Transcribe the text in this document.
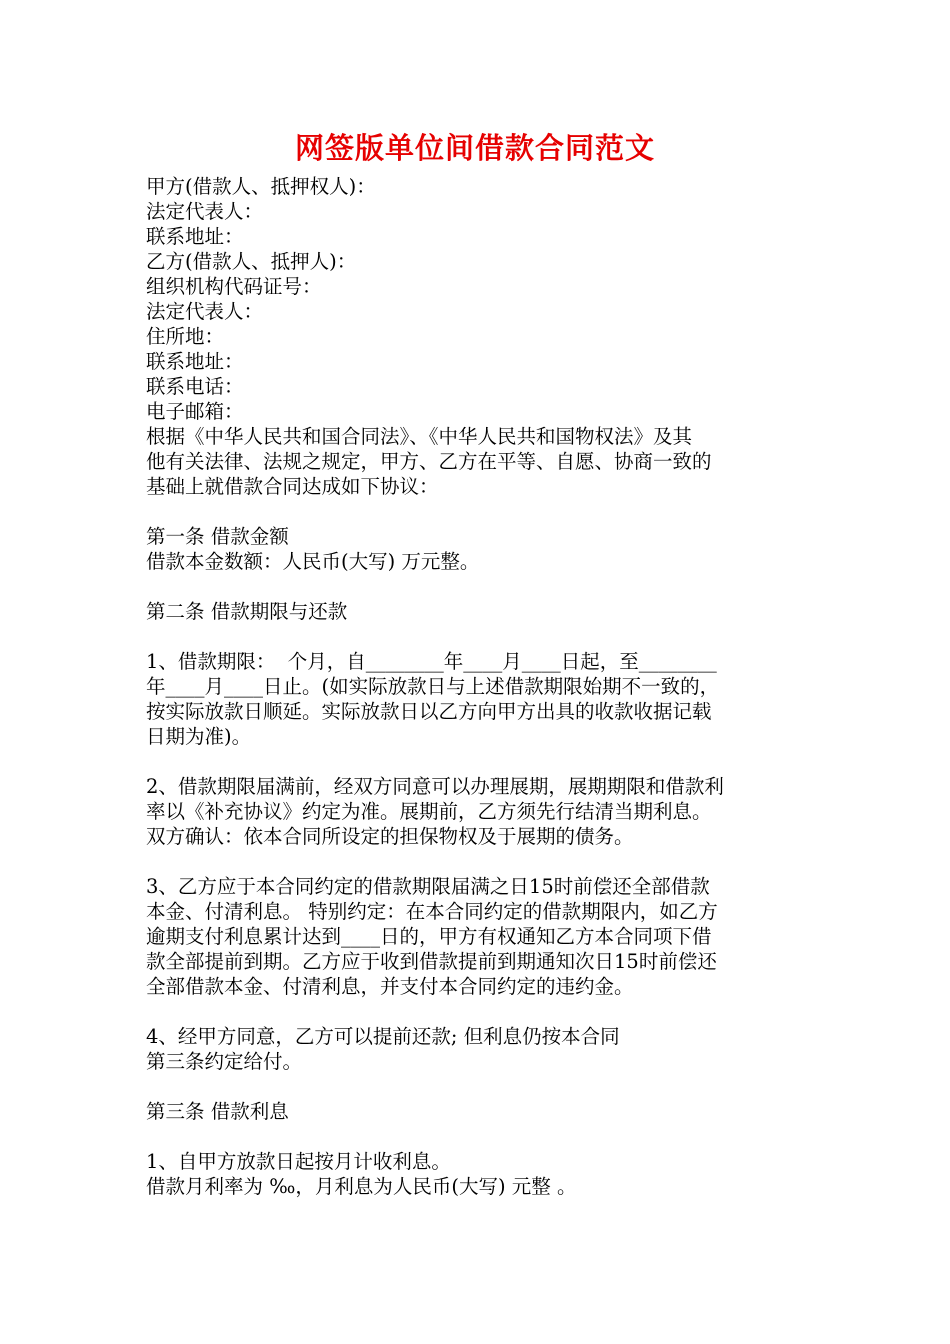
网签版单位间借款合同范文
甲方(借款人、抵押权人)：
法定代表人：
联系地址：
乙方(借款人、抵押人)：
组织机构代码证号：
法定代表人：
住所地：
联系地址：
联系电话：
电子邮箱：
根据《中华人民共和国合同法》、《中华人民共和国物权法》及其
他有关法律、法规之规定，甲方、乙方在平等、自愿、协商一致的
基础上就借款合同达成如下协议：
第一条 借款金额
借款本金数额：人民币(大写) 万元整。
第二条 借款期限与还款
1、借款期限：  个月，自________年____月____日起，至________
年____月____日止。(如实际放款日与上述借款期限始期不一致的，
按实际放款日顺延。实际放款日以乙方向甲方出具的收款收据记载
日期为准)。
2、借款期限届满前，经双方同意可以办理展期，展期期限和借款利
率以《补充协议》约定为准。展期前，乙方须先行结清当期利息。
双方确认：依本合同所设定的担保物权及于展期的债务。
3、乙方应于本合同约定的借款期限届满之日15时前偿还全部借款
本金、付清利息。 特别约定：在本合同约定的借款期限内，如乙方
逾期支付利息累计达到____日的，甲方有权通知乙方本合同项下借
款全部提前到期。乙方应于收到借款提前到期通知次日15时前偿还
全部借款本金、付清利息，并支付本合同约定的违约金。
4、经甲方同意，乙方可以提前还款; 但利息仍按本合同
第三条约定给付。
第三条 借款利息
1、自甲方放款日起按月计收利息。
借款月利率为 ‰，月利息为人民币(大写) 元整 。
